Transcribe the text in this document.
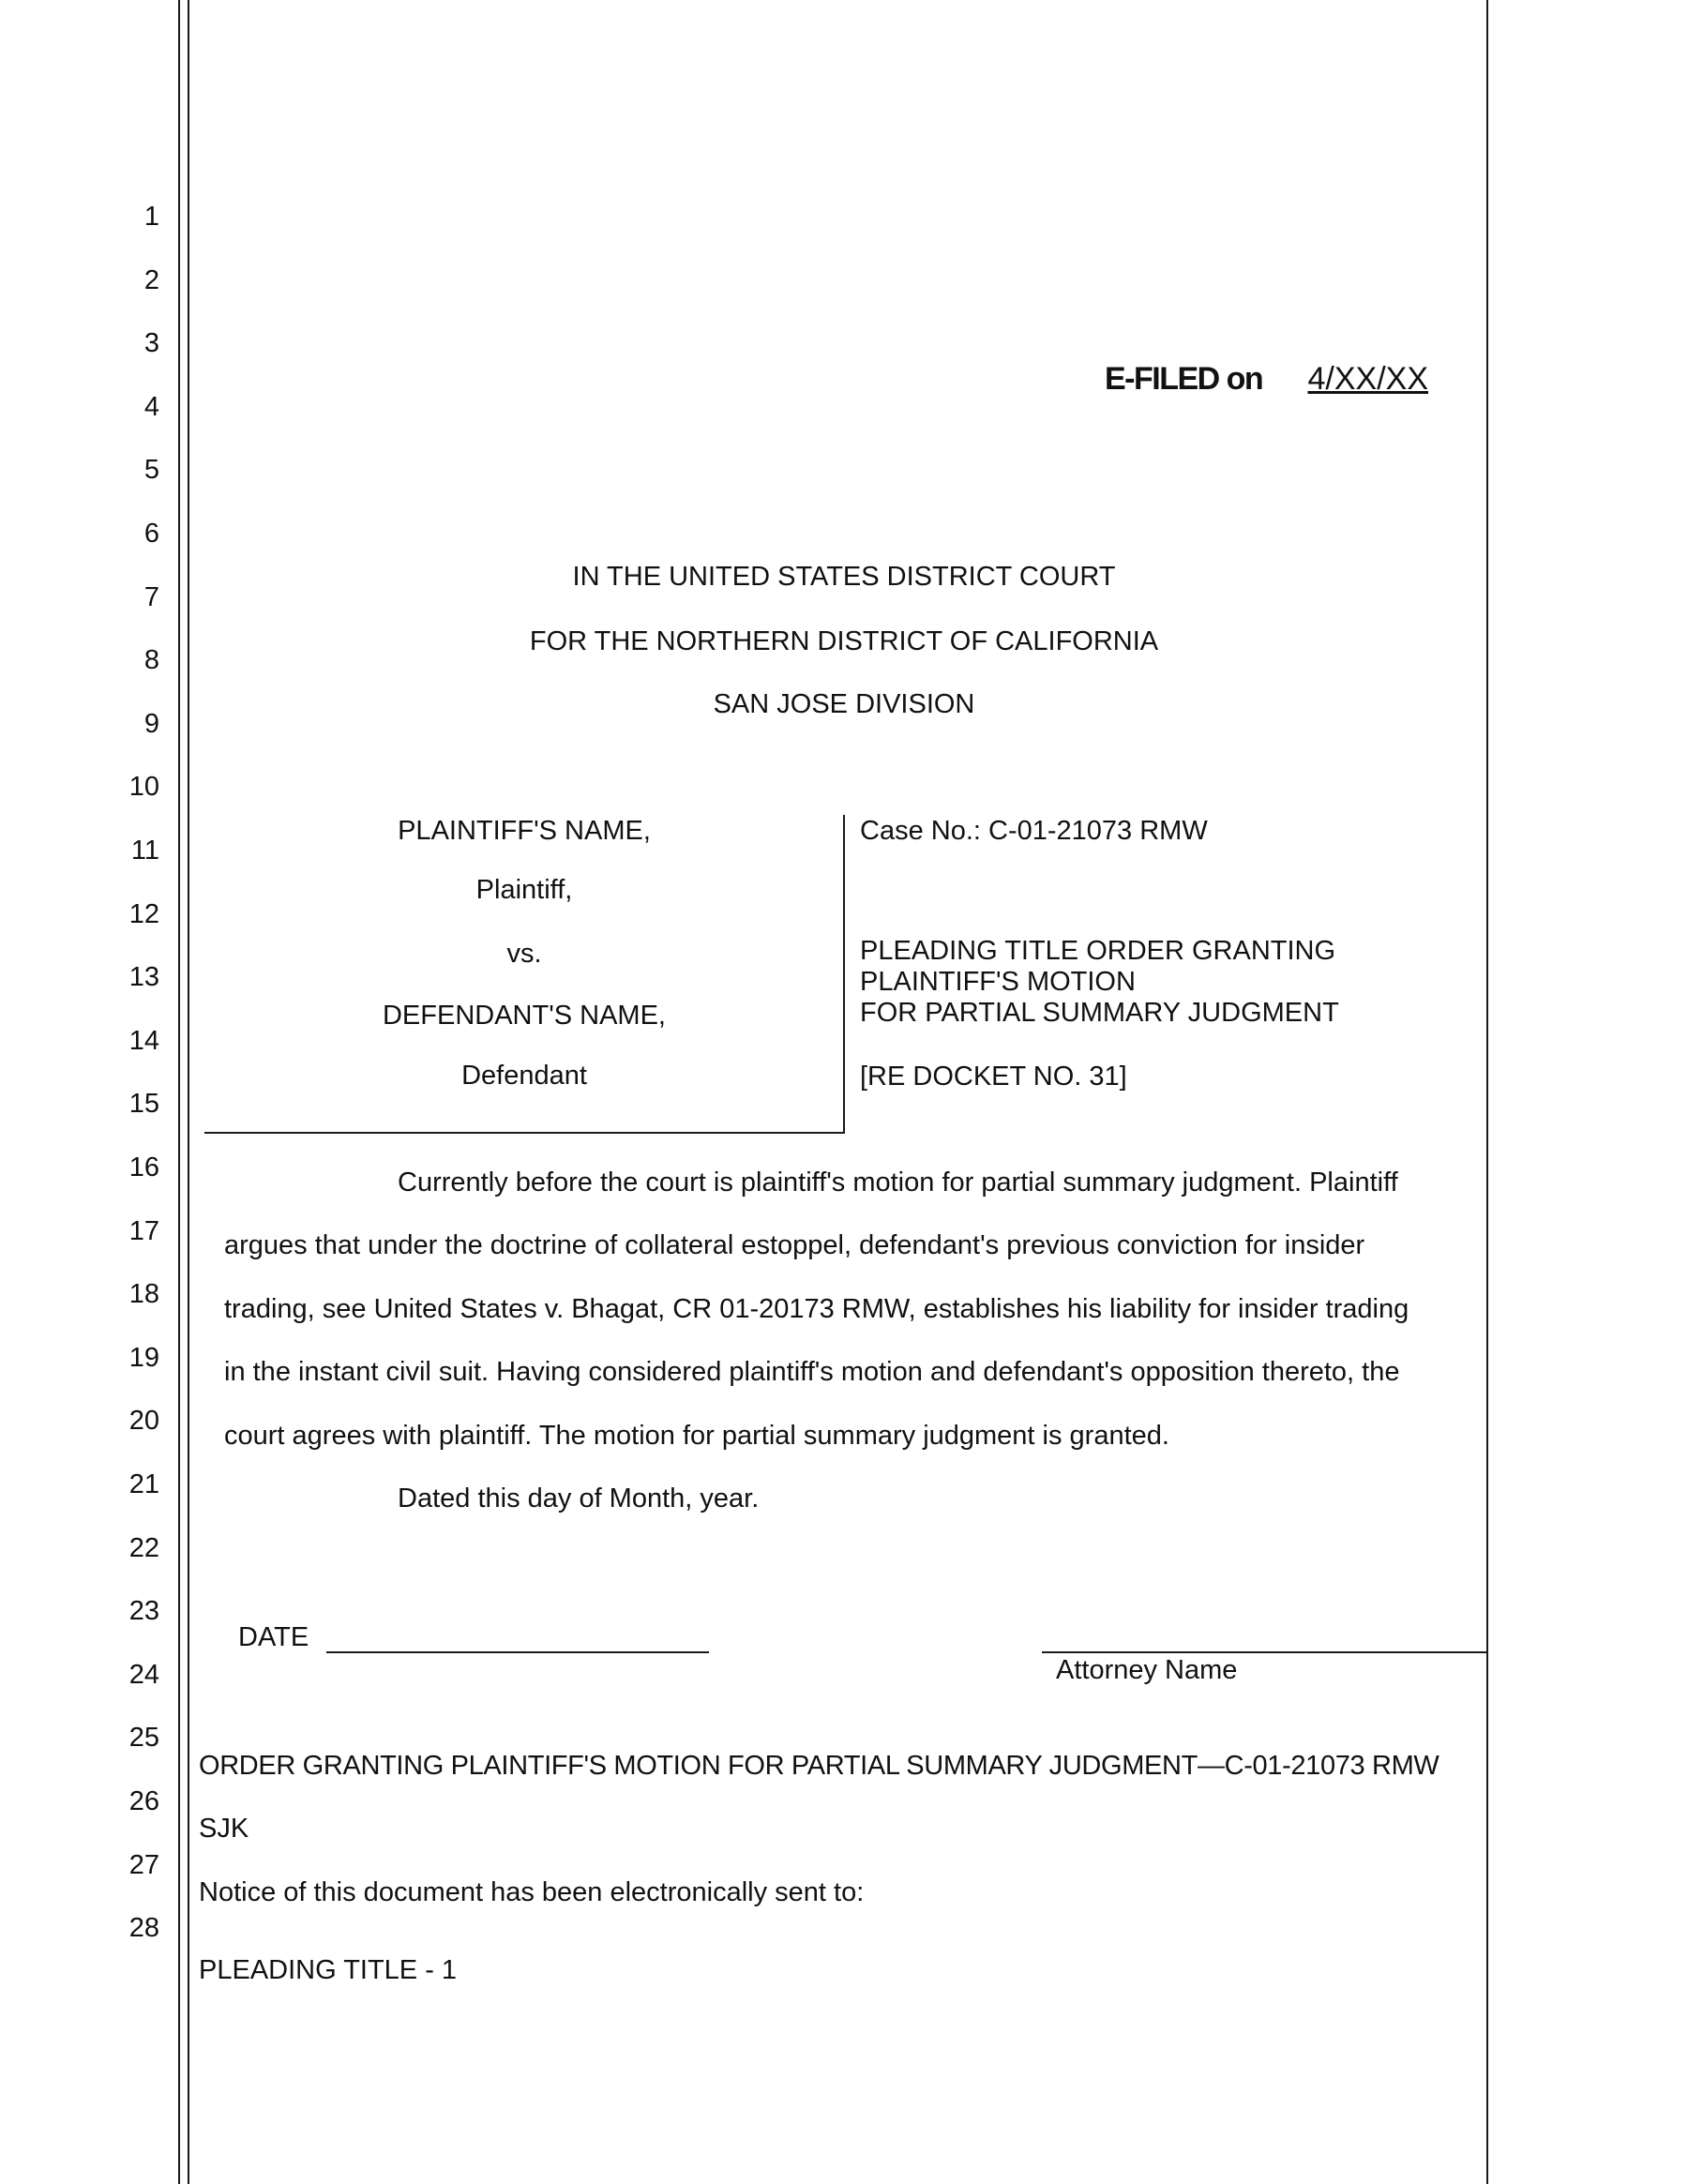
1
2
3
4
5
6
7
8
9
10
11
12
13
14
15
16
17
18
19
20
21
22
23
24
25
26
27
28
E-FILED on	4/XX/XX
IN THE UNITED STATES DISTRICT COURT
FOR THE NORTHERN DISTRICT OF CALIFORNIA
SAN JOSE DIVISION
PLAINTIFF'S NAME,
Plaintiff,
vs.
DEFENDANT'S NAME,
Defendant
Case No.: C-01-21073 RMW
PLEADING TITLE ORDER GRANTING
PLAINTIFF'S MOTION
FOR PARTIAL SUMMARY JUDGMENT
[RE DOCKET NO. 31]
Currently before the court is plaintiff's motion for partial summary judgment. Plaintiff
argues that under the doctrine of collateral estoppel, defendant's previous conviction for insider
trading, see United States v. Bhagat, CR 01-20173 RMW, establishes his liability for insider trading
in the instant civil suit. Having considered plaintiff's motion and defendant's opposition thereto, the
court agrees with plaintiff. The motion for partial summary judgment is granted.
Dated this day of Month, year.
DATE
Attorney Name
ORDER GRANTING PLAINTIFF'S MOTION FOR PARTIAL SUMMARY JUDGMENT—C-01-21073 RMW
SJK
Notice of this document has been electronically sent to:
PLEADING TITLE - 1
